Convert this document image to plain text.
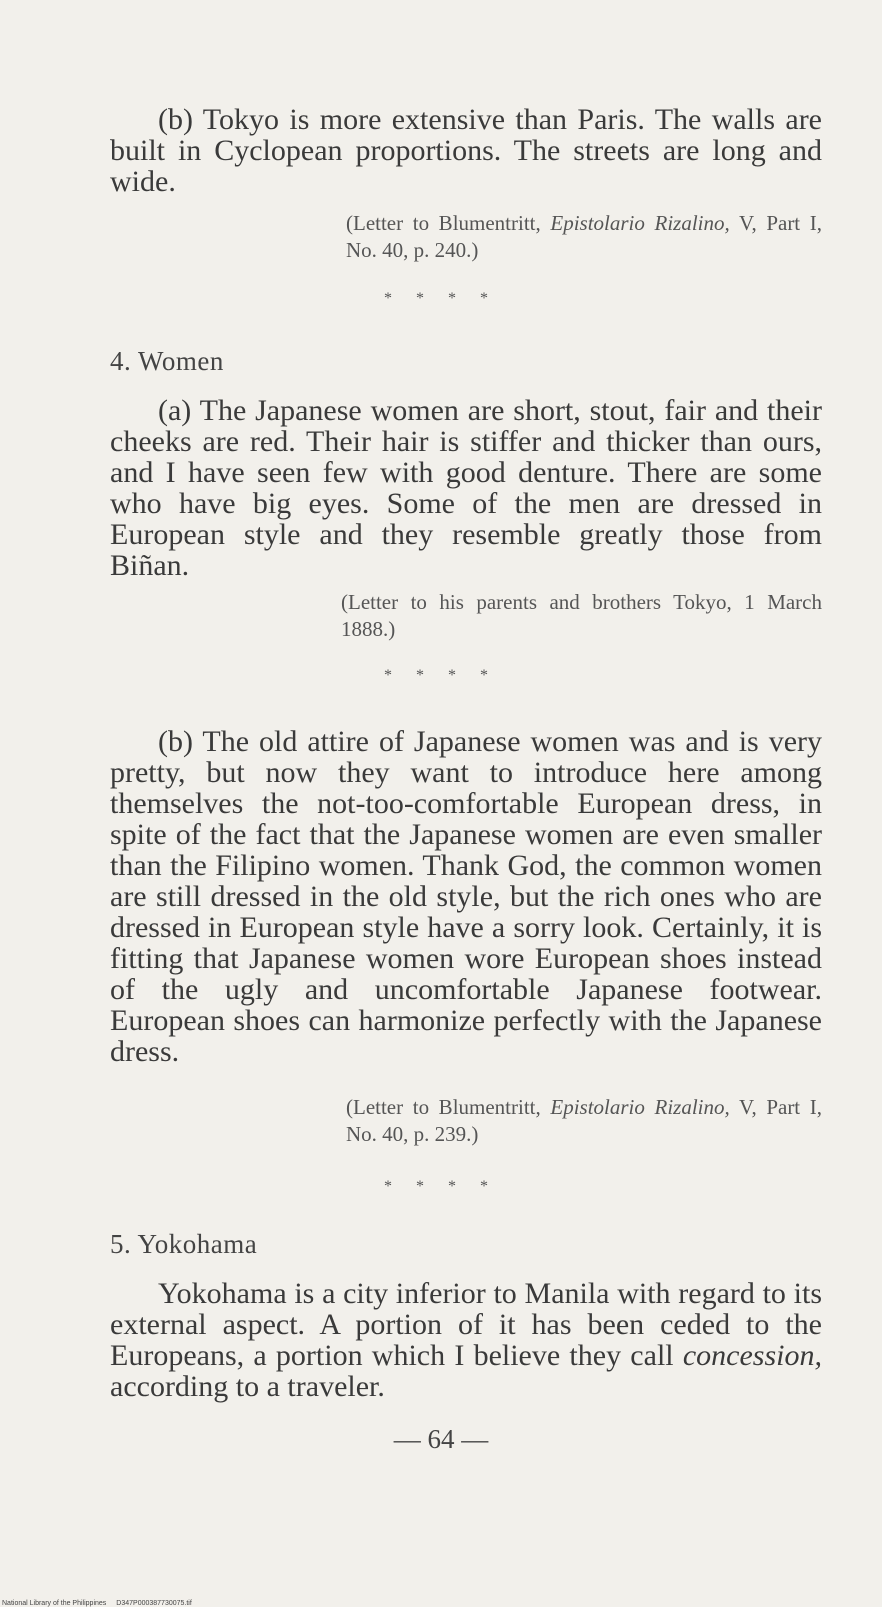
(b) Tokyo is more extensive than Paris. The walls are built in Cyclopean proportions. The streets are long and wide.

(Letter to Blumentritt, Epistolario Rizalino, V, Part I, No. 40, p. 240.)

* * * *
4. Women

(a) The Japanese women are short, stout, fair and their cheeks are red. Their hair is stiffer and thicker than ours, and I have seen few with good denture. There are some who have big eyes. Some of the men are dressed in European style and they resemble greatly those from Biñan.

(Letter to his parents and brothers Tokyo, 1 March 1888.)

* * * *

(b) The old attire of Japanese women was and is very pretty, but now they want to introduce here among themselves the not-too-comfortable European dress, in spite of the fact that the Japanese women are even smaller than the Filipino women. Thank God, the common women are still dressed in the old style, but the rich ones who are dressed in European style have a sorry look. Certainly, it is fitting that Japanese women wore European shoes instead of the ugly and uncomfortable Japanese footwear. European shoes can harmonize perfectly with the Japanese dress.

(Letter to Blumentritt, Epistolario Rizalino, V, Part I, No. 40, p. 239.)

* * * *
5. Yokohama

Yokohama is a city inferior to Manila with regard to its external aspect. A portion of it has been ceded to the Europeans, a portion which I believe they call concession, according to a traveler.

— 64 —
National Library of the Philippines D347P000387730075.tif
